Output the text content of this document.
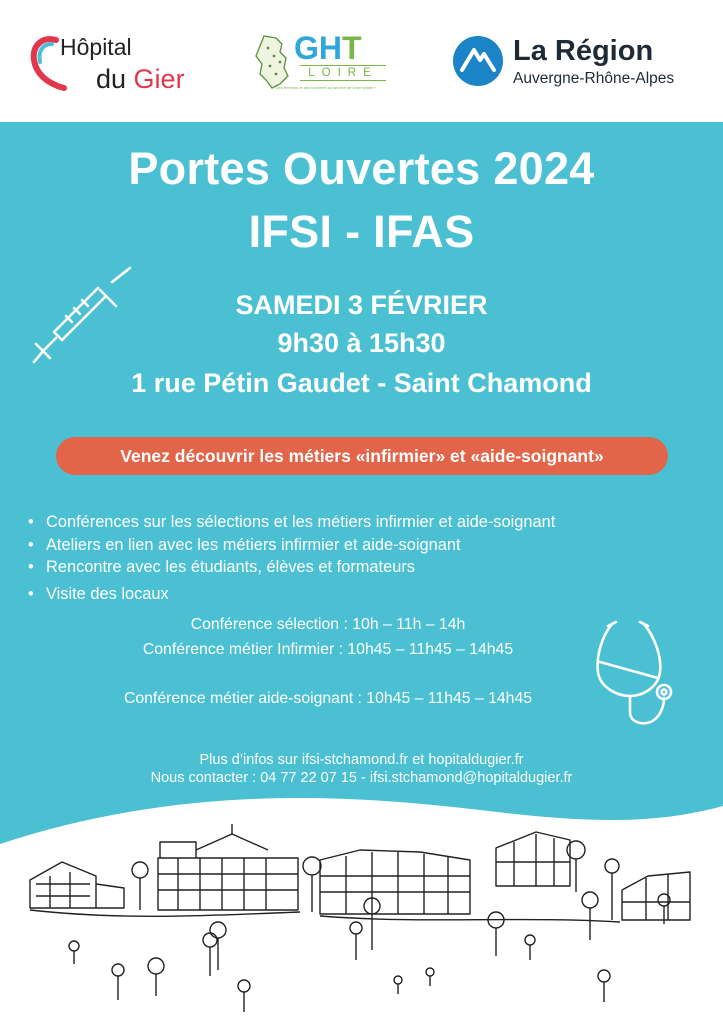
Hôpital
du Gier
GHT
LOIRE
« Des femmes et des hommes au service de votre santé »
La Région
Auvergne-Rhône-Alpes
Portes Ouvertes 2024
IFSI - IFAS
SAMEDI 3 FÉVRIER
9h30 à 15h30
1 rue Pétin Gaudet - Saint Chamond
Venez découvrir les métiers «infirmier» et «aide-soignant»
• Conférences sur les sélections et les métiers infirmier et aide-soignant
• Ateliers en lien avec les métiers infirmier et aide-soignant
• Rencontre avec les étudiants, élèves et formateurs
• Visite des locaux
Conférence sélection : 10h – 11h – 14h
Conférence métier Infirmier : 10h45 – 11h45 – 14h45
Conférence métier aide-soignant : 10h45 – 11h45 – 14h45
Plus d’infos sur ifsi-stchamond.fr et hopitaldugier.fr
Nous contacter : 04 77 22 07 15 - ifsi.stchamond@hopitaldugier.fr
